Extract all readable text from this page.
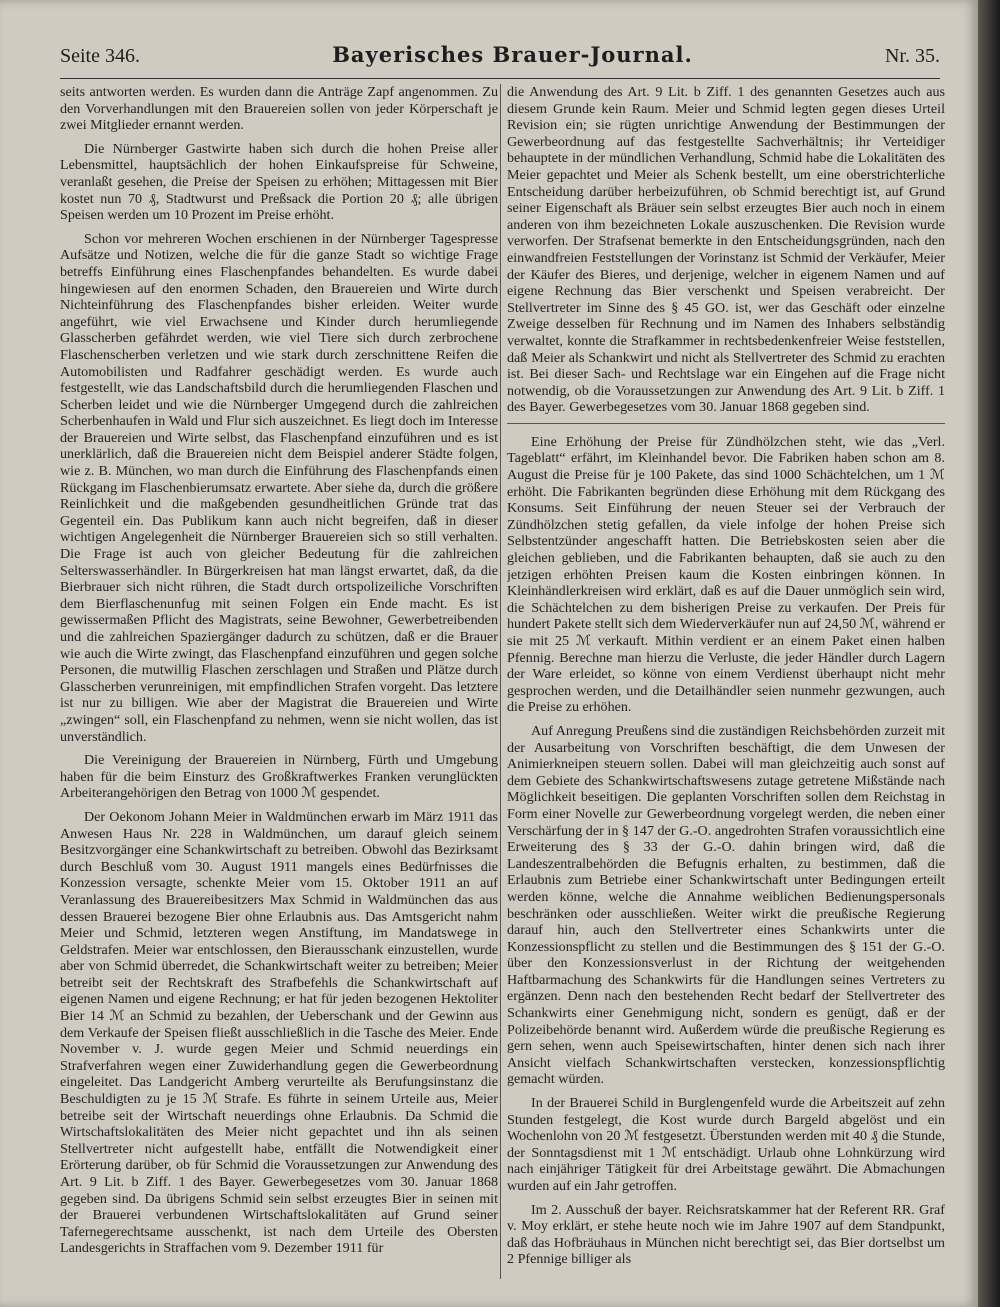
Seite 346.	Bayerisches Brauer-Journal.	Nr. 35.

seits antworten werden. Es wurden dann die Anträge Zapf angenommen. Zu den Vorverhandlungen mit den Brauereien sollen von jeder Körperschaft je zwei Mitglieder ernannt werden.

Die Nürnberger Gastwirte haben sich durch die hohen Preise aller Lebensmittel, hauptsächlich der hohen Einkaufspreise für Schweine, veranlaßt gesehen, die Preise der Speisen zu erhöhen; Mittagessen mit Bier kostet nun 70 ₰, Stadtwurst und Preßsack die Portion 20 ₰; alle übrigen Speisen werden um 10 Prozent im Preise erhöht.

Schon vor mehreren Wochen erschienen in der Nürnberger Tagespresse Aufsätze und Notizen, welche die für die ganze Stadt so wichtige Frage betreffs Einführung eines Flaschenpfandes behandelten. Es wurde dabei hingewiesen auf den enormen Schaden, den Brauereien und Wirte durch Nichteinführung des Flaschenpfandes bisher erleiden. Weiter wurde angeführt, wie viel Erwachsene und Kinder durch herumliegende Glasscherben gefährdet werden, wie viel Tiere sich durch zerbrochene Flaschenscherben verletzen und wie stark durch zerschnittene Reifen die Automobilisten und Radfahrer geschädigt werden. Es wurde auch festgestellt, wie das Landschaftsbild durch die herumliegenden Flaschen und Scherben leidet und wie die Nürnberger Umgegend durch die zahlreichen Scherbenhaufen in Wald und Flur sich auszeichnet. Es liegt doch im Interesse der Brauereien und Wirte selbst, das Flaschenpfand einzuführen und es ist unerklärlich, daß die Brauereien nicht dem Beispiel anderer Städte folgen, wie z. B. München, wo man durch die Einführung des Flaschenpfands einen Rückgang im Flaschenbierumsatz erwartete. Aber siehe da, durch die größere Reinlichkeit und die maßgebenden gesundheitlichen Gründe trat das Gegenteil ein. Das Publikum kann auch nicht begreifen, daß in dieser wichtigen Angelegenheit die Nürnberger Brauereien sich so still verhalten. Die Frage ist auch von gleicher Bedeutung für die zahlreichen Selterswasserhändler. In Bürgerkreisen hat man längst erwartet, daß, da die Bierbrauer sich nicht rühren, die Stadt durch ortspolizeiliche Vorschriften dem Bierflaschenunfug mit seinen Folgen ein Ende macht. Es ist gewissermaßen Pflicht des Magistrats, seine Bewohner, Gewerbetreibenden und die zahlreichen Spaziergänger dadurch zu schützen, daß er die Brauer wie auch die Wirte zwingt, das Flaschenpfand einzuführen und gegen solche Personen, die mutwillig Flaschen zerschlagen und Straßen und Plätze durch Glasscherben verunreinigen, mit empfindlichen Strafen vorgeht. Das letztere ist nur zu billigen. Wie aber der Magistrat die Brauereien und Wirte „zwingen“ soll, ein Flaschenpfand zu nehmen, wenn sie nicht wollen, das ist unverständlich.

Die Vereinigung der Brauereien in Nürnberg, Fürth und Umgebung haben für die beim Einsturz des Großkraftwerkes Franken verunglückten Arbeiterangehörigen den Betrag von 1000 ℳ gespendet.

Der Oekonom Johann Meier in Waldmünchen erwarb im März 1911 das Anwesen Haus Nr. 228 in Waldmünchen, um darauf gleich seinem Besitzvorgänger eine Schankwirtschaft zu betreiben. Obwohl das Bezirksamt durch Beschluß vom 30. August 1911 mangels eines Bedürfnisses die Konzession versagte, schenkte Meier vom 15. Oktober 1911 an auf Veranlassung des Brauereibesitzers Max Schmid in Waldmünchen das aus dessen Brauerei bezogene Bier ohne Erlaubnis aus. Das Amtsgericht nahm Meier und Schmid, letzteren wegen Anstiftung, im Mandatswege in Geldstrafen. Meier war entschlossen, den Bierausschank einzustellen, wurde aber von Schmid überredet, die Schankwirtschaft weiter zu betreiben; Meier betreibt seit der Rechtskraft des Strafbefehls die Schankwirtschaft auf eigenen Namen und eigene Rechnung; er hat für jeden bezogenen Hektoliter Bier 14 ℳ an Schmid zu bezahlen, der Ueberschank und der Gewinn aus dem Verkaufe der Speisen fließt ausschließlich in die Tasche des Meier. Ende November v. J. wurde gegen Meier und Schmid neuerdings ein Strafverfahren wegen einer Zuwiderhandlung gegen die Gewerbeordnung eingeleitet. Das Landgericht Amberg verurteilte als Berufungsinstanz die Beschuldigten zu je 15 ℳ Strafe. Es führte in seinem Urteile aus, Meier betreibe seit der Wirtschaft neuerdings ohne Erlaubnis. Da Schmid die Wirtschaftslokalitäten des Meier nicht gepachtet und ihn als seinen Stellvertreter nicht aufgestellt habe, entfällt die Notwendigkeit einer Erörterung darüber, ob für Schmid die Voraussetzungen zur Anwendung des Art. 9 Lit. b Ziff. 1 des Bayer. Gewerbegesetzes vom 30. Januar 1868 gegeben sind. Da übrigens Schmid sein selbst erzeugtes Bier in seinen mit der Brauerei verbundenen Wirtschaftslokalitäten auf Grund seiner Tafernegerechtsame ausschenkt, ist nach dem Urteile des Obersten Landesgerichts in Straffachen vom 9. Dezember 1911 für

die Anwendung des Art. 9 Lit. b Ziff. 1 des genannten Gesetzes auch aus diesem Grunde kein Raum. Meier und Schmid legten gegen dieses Urteil Revision ein; sie rügten unrichtige Anwendung der Bestimmungen der Gewerbeordnung auf das festgestellte Sachverhältnis; ihr Verteidiger behauptete in der mündlichen Verhandlung, Schmid habe die Lokalitäten des Meier gepachtet und Meier als Schenk bestellt, um eine oberstrichterliche Entscheidung darüber herbeizuführen, ob Schmid berechtigt ist, auf Grund seiner Eigenschaft als Bräuer sein selbst erzeugtes Bier auch noch in einem anderen von ihm bezeichneten Lokale auszuschenken. Die Revision wurde verworfen. Der Strafsenat bemerkte in den Entscheidungsgründen, nach den einwandfreien Feststellungen der Vorinstanz ist Schmid der Verkäufer, Meier der Käufer des Bieres, und derjenige, welcher in eigenem Namen und auf eigene Rechnung das Bier verschenkt und Speisen verabreicht. Der Stellvertreter im Sinne des § 45 GO. ist, wer das Geschäft oder einzelne Zweige desselben für Rechnung und im Namen des Inhabers selbständig verwaltet, konnte die Strafkammer in rechtsbedenkenfreier Weise feststellen, daß Meier als Schankwirt und nicht als Stellvertreter des Schmid zu erachten ist. Bei dieser Sach- und Rechtslage war ein Eingehen auf die Frage nicht notwendig, ob die Voraussetzungen zur Anwendung des Art. 9 Lit. b Ziff. 1 des Bayer. Gewerbegesetzes vom 30. Januar 1868 gegeben sind.

Eine Erhöhung der Preise für Zündhölzchen steht, wie das „Verl. Tageblatt“ erfährt, im Kleinhandel bevor. Die Fabriken haben schon am 8. August die Preise für je 100 Pakete, das sind 1000 Schächtelchen, um 1 ℳ erhöht. Die Fabrikanten begründen diese Erhöhung mit dem Rückgang des Konsums. Seit Einführung der neuen Steuer sei der Verbrauch der Zündhölzchen stetig gefallen, da viele infolge der hohen Preise sich Selbstentzünder angeschafft hatten. Die Betriebskosten seien aber die gleichen geblieben, und die Fabrikanten behaupten, daß sie auch zu den jetzigen erhöhten Preisen kaum die Kosten einbringen können. In Kleinhändlerkreisen wird erklärt, daß es auf die Dauer unmöglich sein wird, die Schächtelchen zu dem bisherigen Preise zu verkaufen. Der Preis für hundert Pakete stellt sich dem Wiederverkäufer nun auf 24,50 ℳ, während er sie mit 25 ℳ verkauft. Mithin verdient er an einem Paket einen halben Pfennig. Berechne man hierzu die Verluste, die jeder Händler durch Lagern der Ware erleidet, so könne von einem Verdienst überhaupt nicht mehr gesprochen werden, und die Detailhändler seien nunmehr gezwungen, auch die Preise zu erhöhen.

Auf Anregung Preußens sind die zuständigen Reichsbehörden zurzeit mit der Ausarbeitung von Vorschriften beschäftigt, die dem Unwesen der Animierkneipen steuern sollen. Dabei will man gleichzeitig auch sonst auf dem Gebiete des Schankwirtschaftswesens zutage getretene Mißstände nach Möglichkeit beseitigen. Die geplanten Vorschriften sollen dem Reichstag in Form einer Novelle zur Gewerbeordnung vorgelegt werden, die neben einer Verschärfung der in § 147 der G.-O. angedrohten Strafen voraussichtlich eine Erweiterung des § 33 der G.-O. dahin bringen wird, daß die Landeszentralbehörden die Befugnis erhalten, zu bestimmen, daß die Erlaubnis zum Betriebe einer Schankwirtschaft unter Bedingungen erteilt werden könne, welche die Annahme weiblichen Bedienungspersonals beschränken oder ausschließen. Weiter wirkt die preußische Regierung darauf hin, auch den Stellvertreter eines Schankwirts unter die Konzessionspflicht zu stellen und die Bestimmungen des § 151 der G.-O. über den Konzessionsverlust in der Richtung der weitgehenden Haftbarmachung des Schankwirts für die Handlungen seines Vertreters zu ergänzen. Denn nach den bestehenden Recht bedarf der Stellvertreter des Schankwirts einer Genehmigung nicht, sondern es genügt, daß er der Polizeibehörde benannt wird. Außerdem würde die preußische Regierung es gern sehen, wenn auch Speisewirtschaften, hinter denen sich nach ihrer Ansicht vielfach Schankwirtschaften verstecken, konzessionspflichtig gemacht würden.

In der Brauerei Schild in Burglengenfeld wurde die Arbeitszeit auf zehn Stunden festgelegt, die Kost wurde durch Bargeld abgelöst und ein Wochenlohn von 20 ℳ festgesetzt. Überstunden werden mit 40 ₰ die Stunde, der Sonntagsdienst mit 1 ℳ entschädigt. Urlaub ohne Lohnkürzung wird nach einjähriger Tätigkeit für drei Arbeitstage gewährt. Die Abmachungen wurden auf ein Jahr getroffen.

Im 2. Ausschuß der bayer. Reichsratskammer hat der Referent RR. Graf v. Moy erklärt, er stehe heute noch wie im Jahre 1907 auf dem Standpunkt, daß das Hofbräuhaus in München nicht berechtigt sei, das Bier dortselbst um 2 Pfennige billiger als
